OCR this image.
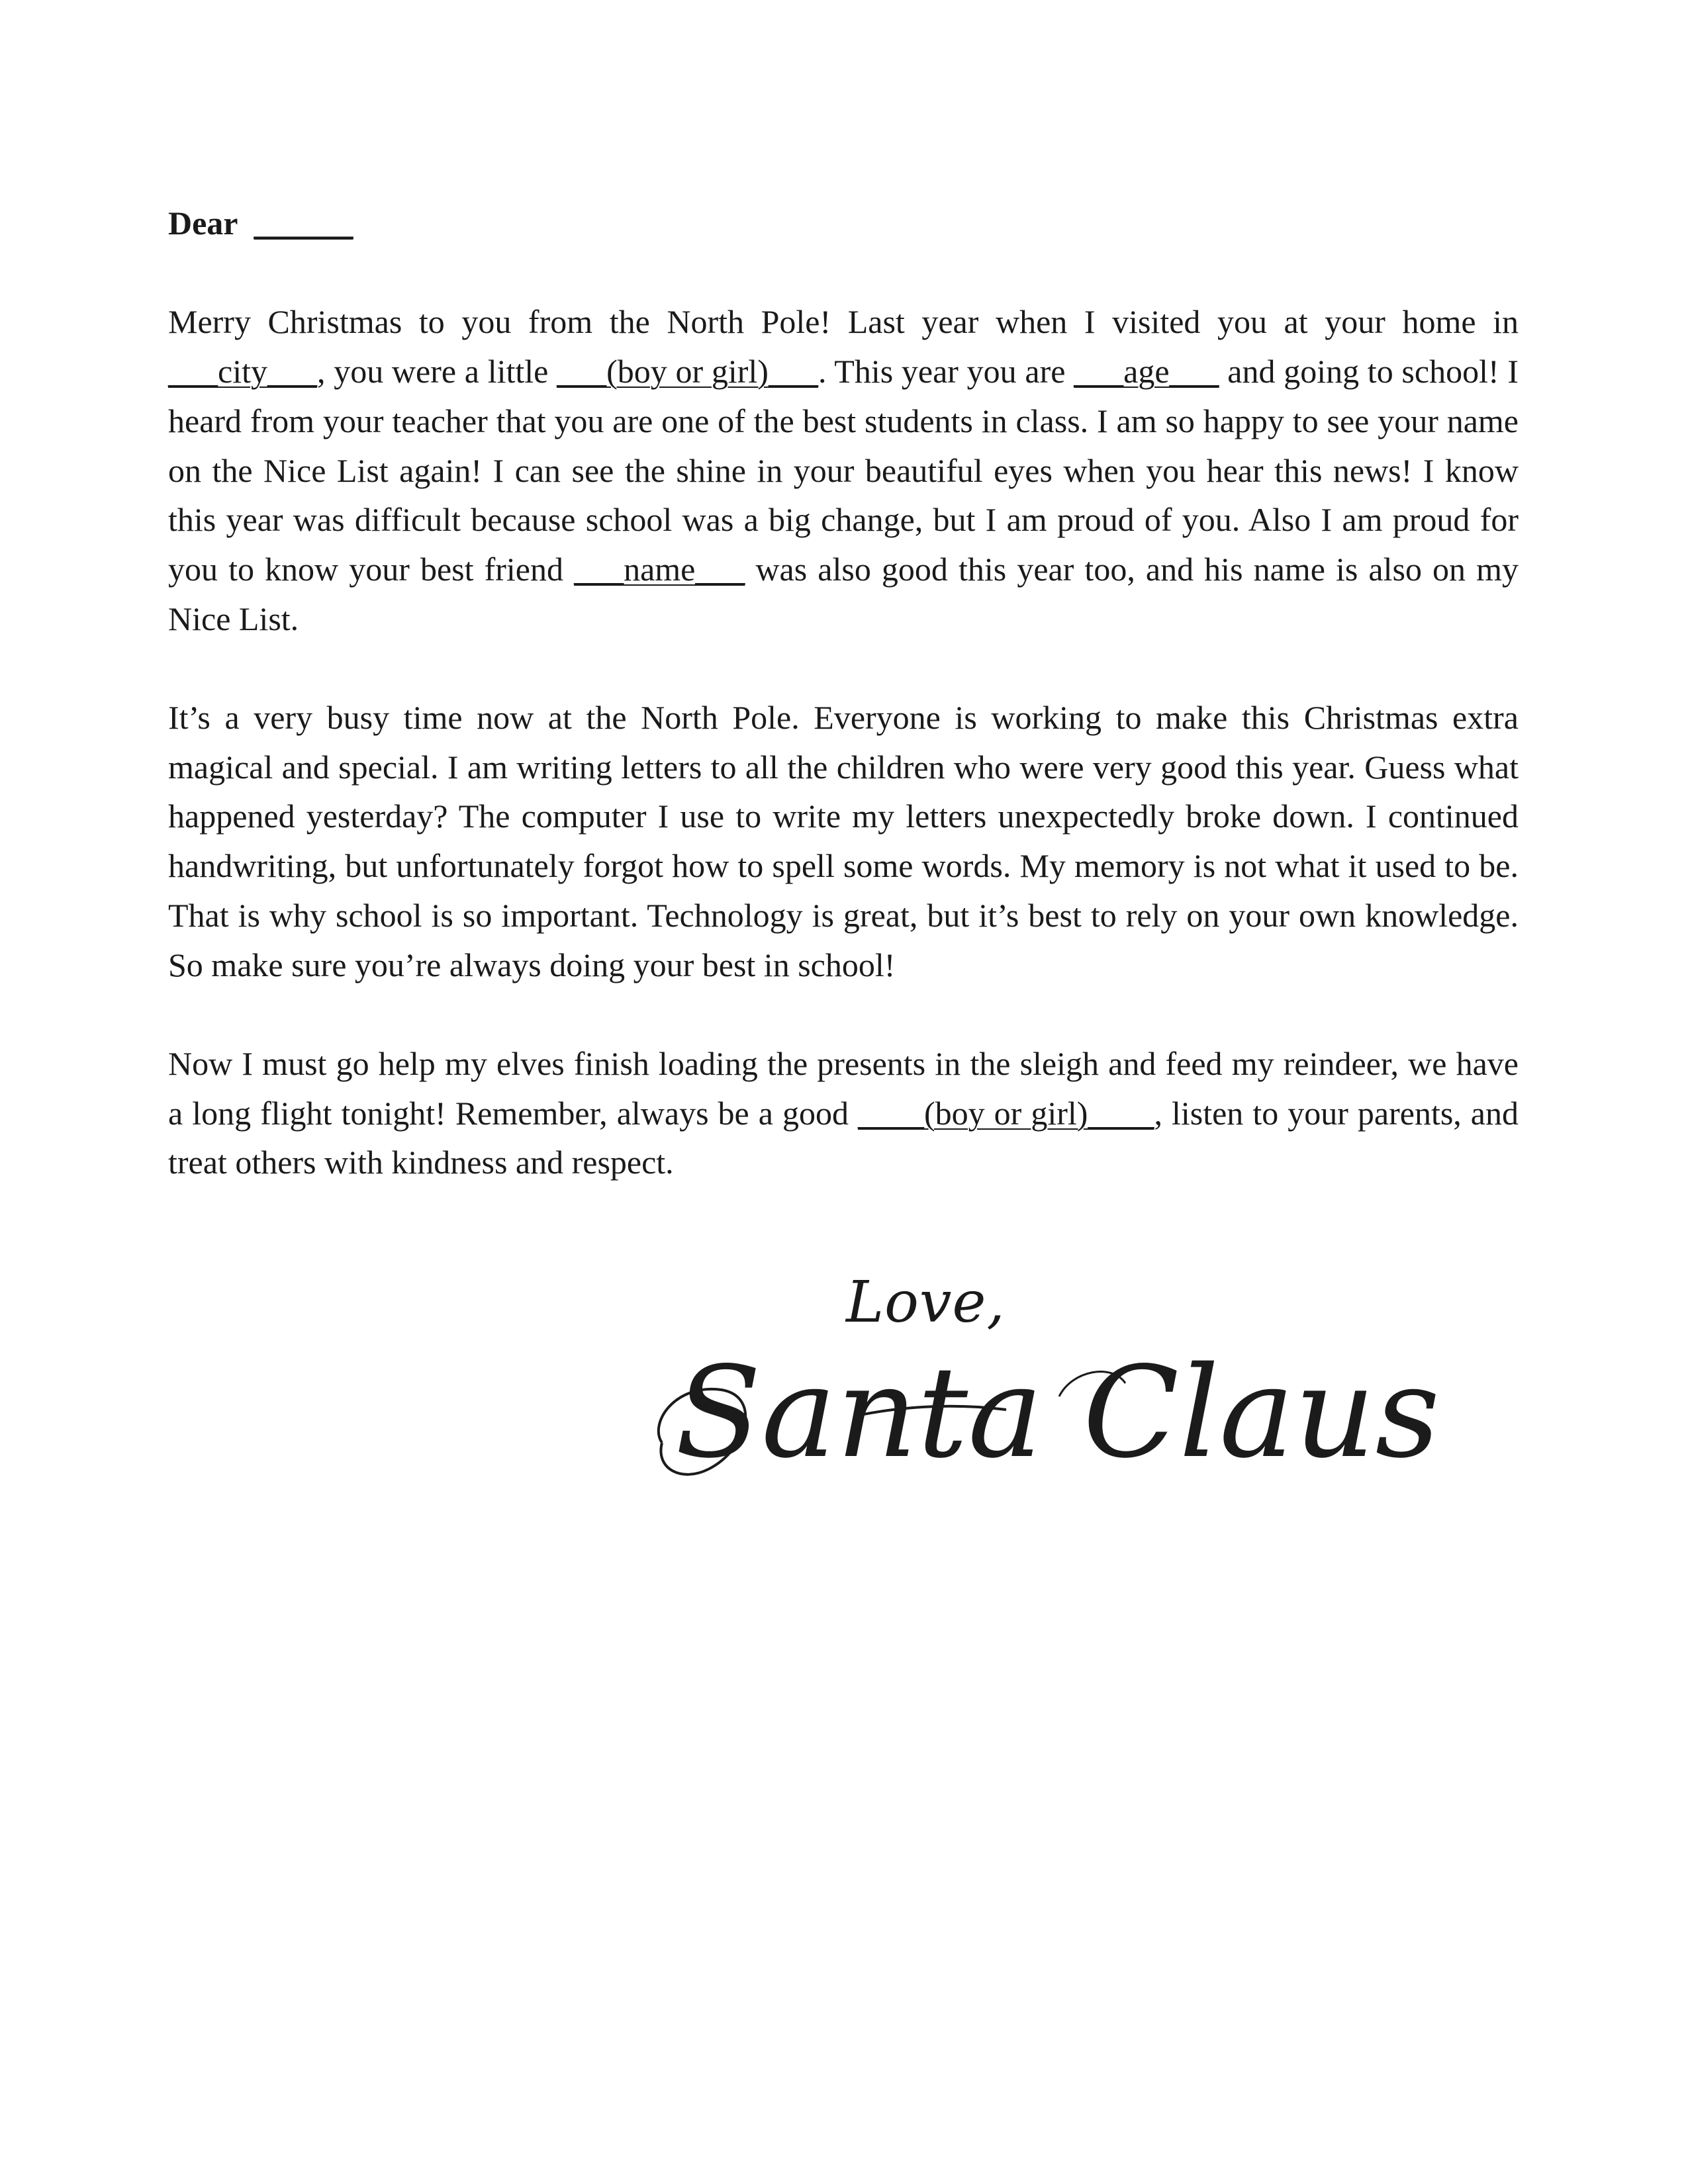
Dear ______

Merry Christmas to you from the North Pole! Last year when I visited you at your home in ___city___, you were a little ___(boy or girl)___. This year you are ___age___ and going to school! I heard from your teacher that you are one of the best students in class. I am so happy to see your name on the Nice List again! I can see the shine in your beautiful eyes when you hear this news! I know this year was difficult because school was a big change, but I am proud of you. Also I am proud for you to know your best friend ___name___ was also good this year too, and his name is also on my Nice List.

It’s a very busy time now at the North Pole. Everyone is working to make this Christmas extra magical and special. I am writing letters to all the children who were very good this year. Guess what happened yesterday? The computer I use to write my letters unexpectedly broke down. I continued handwriting, but unfortunately forgot how to spell some words. My memory is not what it used to be. That is why school is so important. Technology is great, but it’s best to rely on your own knowledge. So make sure you’re always doing your best in school!

Now I must go help my elves finish loading the presents in the sleigh and feed my reindeer, we have a long flight tonight! Remember, always be a good ____(boy or girl)____, listen to your parents, and treat others with kindness and respect.

Love,
Santa Claus
